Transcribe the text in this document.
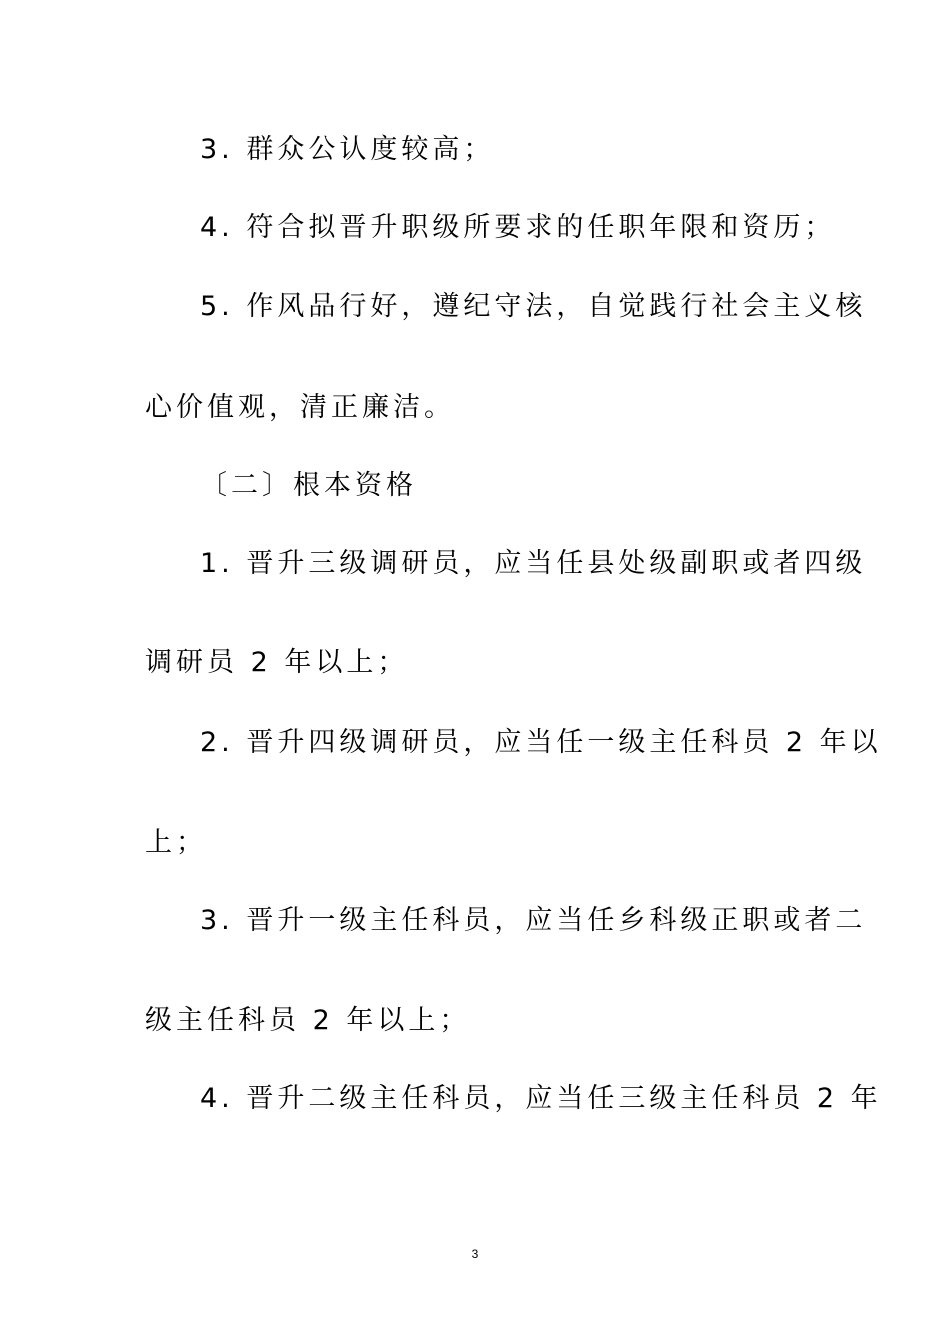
3. 群众公认度较高；
4. 符合拟晋升职级所要求的任职年限和资历；
5. 作风品行好，遵纪守法，自觉践行社会主义核
心价值观，清正廉洁。
〔二〕根本资格
1. 晋升三级调研员，应当任县处级副职或者四级
调研员 2 年以上；
2. 晋升四级调研员，应当任一级主任科员 2 年以
上；
3. 晋升一级主任科员，应当任乡科级正职或者二
级主任科员 2 年以上；
4. 晋升二级主任科员，应当任三级主任科员 2 年
3
